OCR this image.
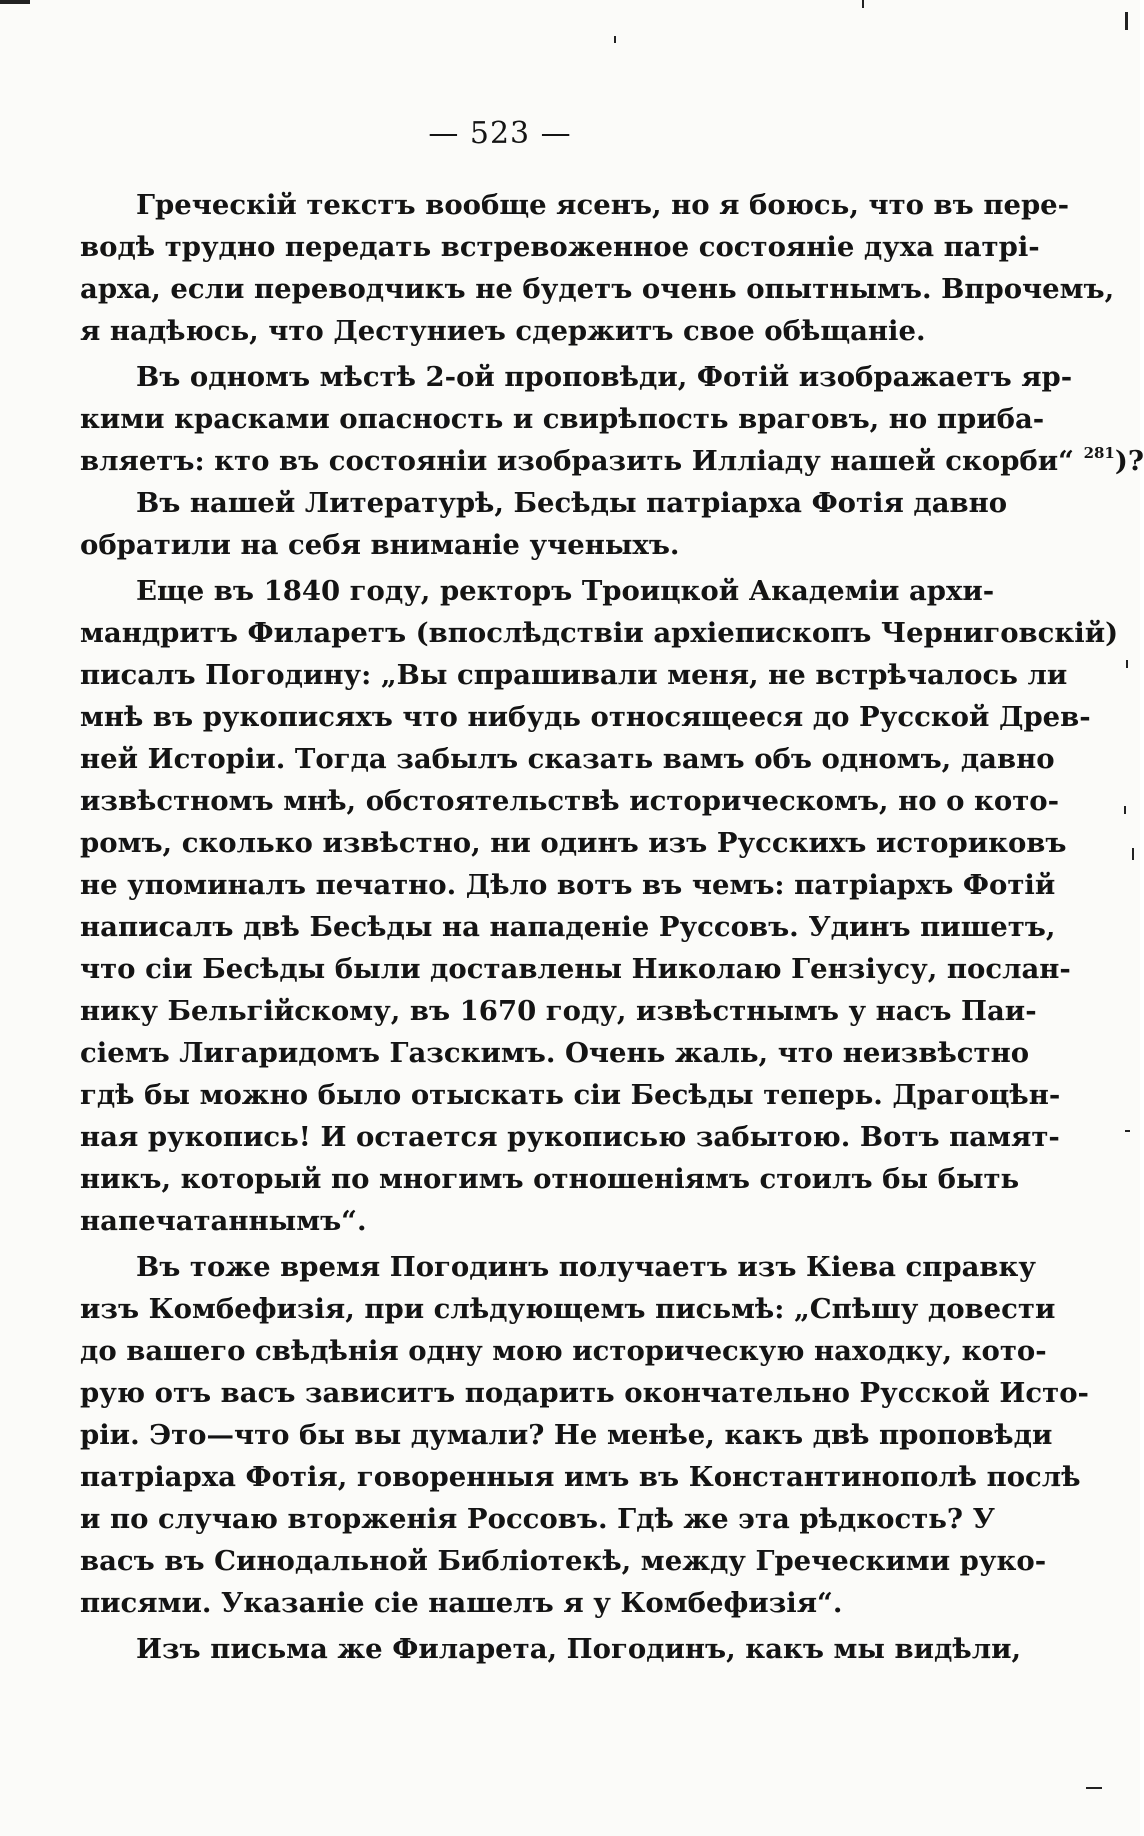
— 523 —
Греческій текстъ вообще ясенъ, но я боюсь, что въ пере-
водѣ трудно передать встревоженное состояніе духа патрі-
арха, если переводчикъ не будетъ очень опытнымъ. Впрочемъ,
я надѣюсь, что Дестуниеъ сдержитъ свое обѣщаніе.
Въ одномъ мѣстѣ 2-ой проповѣди, Фотій изображаетъ яр-
кими красками опасность и свирѣпость враговъ, но прибa-
вляетъ: кто въ состояніи изобразить Илліаду нашей скорби“ $^{281}$)?
Въ нашей Литературѣ, Бесѣды патріарха Фотія давно
обратили на себя вниманіе ученыхъ.
Еще въ 1840 году, ректоръ Троицкой Академіи архи-
мандритъ Филаретъ (впослѣдствіи архіепископъ Черниговскій)
писалъ Погодину: „Вы спрашивали меня, не встрѣчалось ли
мнѣ въ рукописяхъ что нибудь относящееся до Русской Древ-
ней Исторіи. Тогда забылъ сказать вамъ объ одномъ, давно
извѣстномъ мнѣ, обстоятельствѣ историческомъ, но о кото-
ромъ, сколько извѣстно, ни одинъ изъ Русскихъ историковъ
не упоминалъ печатно. Дѣло вотъ въ чемъ: патріархъ Фотій
написалъ двѣ Бесѣды на нападеніе Руссовъ. Удинъ пишетъ,
что сіи Бесѣды были доставлены Николаю Гензіусу, послан-
нику Бельгійскому, въ 1670 году, извѣстнымъ у насъ Паи-
сіемъ Лигаридомъ Газскимъ. Очень жаль, что неизвѣстно
гдѣ бы можно было отыскать сіи Бесѣды теперь. Драгоцѣн-
ная рукопись! И остается рукописью забытою. Вотъ памят-
никъ, который по многимъ отношеніямъ стоилъ бы быть
напечатаннымъ“.
Въ тоже время Погодинъ получаетъ изъ Кіева справку
изъ Комбефизія, при слѣдующемъ письмѣ: „Спѣшу довести
до вашего свѣдѣнія одну мою историческую находку, кото-
рую отъ васъ зависитъ подарить окончательно Русской Исто-
ріи. Это—что бы вы думали? Не менѣе, какъ двѣ проповѣди
патріарха Фотія, говоренныя имъ въ Константинополѣ послѣ
и по случаю вторженія Россовъ. Гдѣ же эта рѣдкость? У
васъ въ Синодальной Библіотекѣ, между Греческими руко-
писями. Указаніе сіе нашелъ я у Комбефизія“.
Изъ письма же Филарета, Погодинъ, какъ мы видѣли,
